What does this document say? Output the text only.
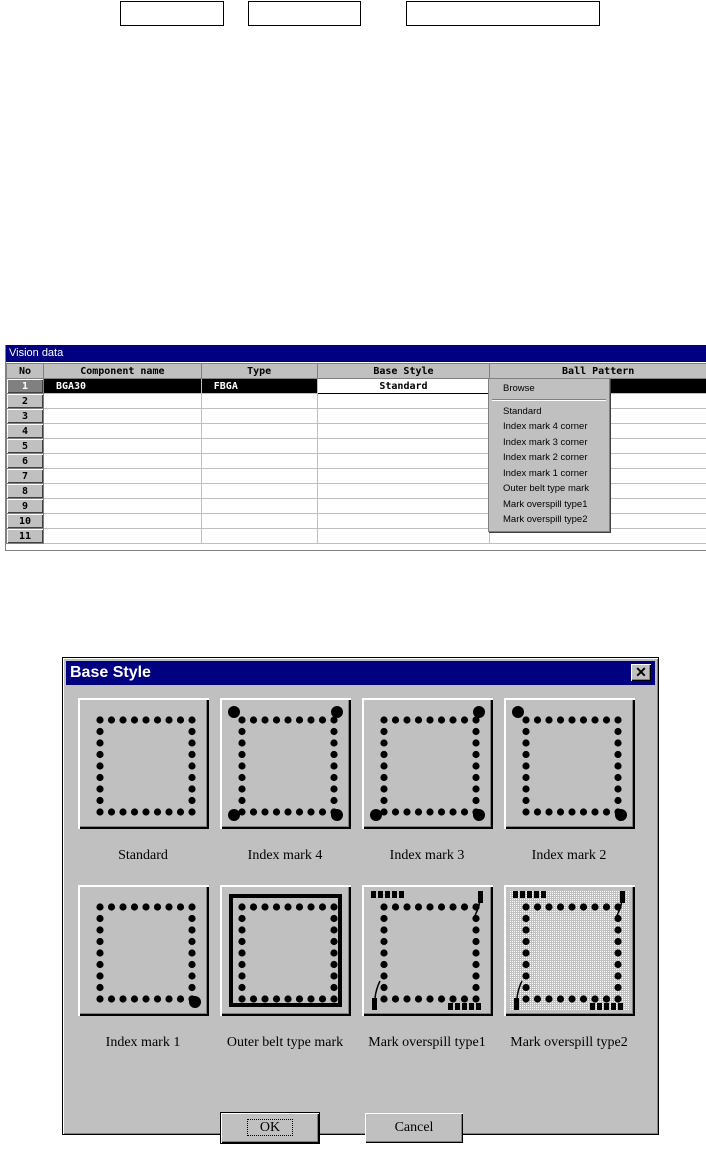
Vision data
No	Component name	Type	Base Style	Ball Pattern
1	BGA30	FBGA	Standard	
2				
3				
4				
5				
6				
7				
8				
9				
10				
11				
Browse
Standard
Index mark 4 corner
Index mark 3 corner
Index mark 2 corner
Index mark 1 corner
Outer belt type mark
Mark overspill type1
Mark overspill type2
Base Style	✕
Standard	Index mark 4	Index mark 3	Index mark 2
Index mark 1	Outer belt type mark	Mark overspill type1	Mark overspill type2
OK	Cancel
